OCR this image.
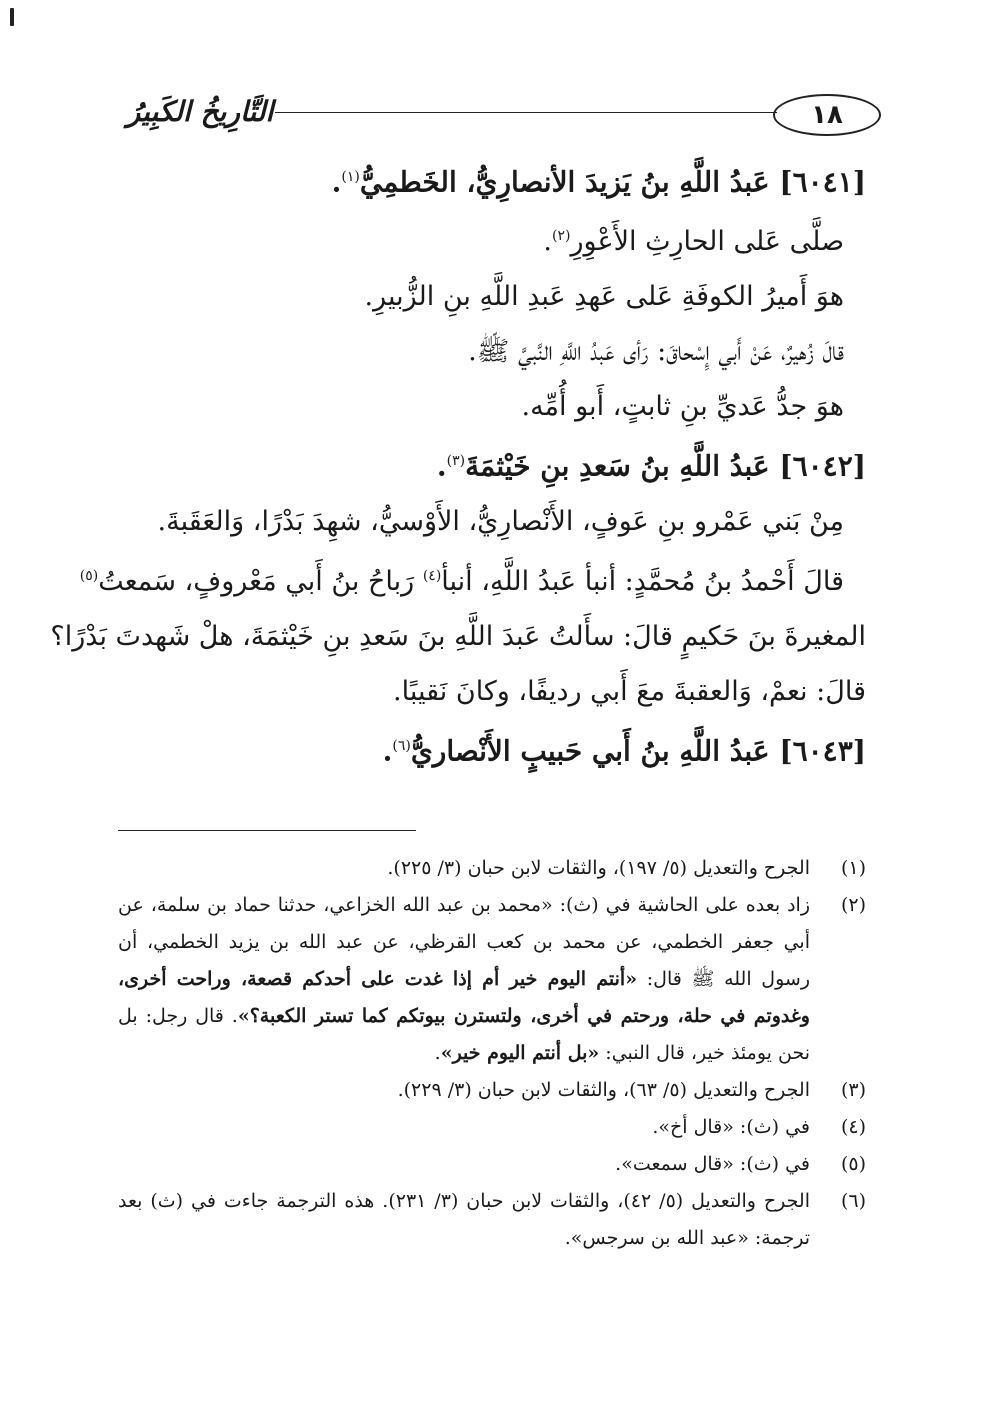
١٨
التَّارِيخُ الكَبِيرُ
[٦٠٤١] عَبدُ اللَّهِ بنُ يَزيدَ الأنصارِيُّ، الخَطمِيُّ$^{(١)}$.
صلَّى عَلى الحارِثِ الأَعْوِرِ$^{(٢)}$.
هوَ أَميرُ الكوفَةِ عَلى عَهدِ عَبدِ اللَّهِ بنِ الزُّبيرِ.
قالَ زُهيرٌ، عَنْ أَبي إِسْحاقَ: رَأى عَبدُ اللَّهِ النَّبيَّ ﷺ.
هوَ جدُّ عَديِّ بنِ ثابتٍ، أَبو أُمِّه.
[٦٠٤٢] عَبدُ اللَّهِ بنُ سَعدِ بنِ خَيْثمَةَ$^{(٣)}$.
مِنْ بَني عَمْرو بنِ عَوفٍ، الأَنْصارِيُّ، الأَوْسيُّ، شهِدَ بَدْرًا، وَالعَقَبةَ.
قالَ أَحْمدُ بنُ مُحمَّدٍ: أنبأ عَبدُ اللَّهِ، أنبأ$^{(٤)}$ رَباحُ بنُ أَبي مَعْروفٍ، سَمعتُ$^{(٥)}$
المغيرةَ بنَ حَكيمٍ قالَ: سأَلتُ عَبدَ اللَّهِ بنَ سَعدِ بنِ خَيْثمَةَ، هلْ شَهدتَ بَدْرًا؟
قالَ: نعمْ، وَالعقبةَ معَ أَبي رديفًا، وكانَ نَقيبًا.
[٦٠٤٣] عَبدُ اللَّهِ بنُ أَبي حَبيبٍ الأَنْصاريُّ$^{(٦)}$.
(١)
الجرح والتعديل (٥/ ١٩٧)، والثقات لابن حبان (٣/ ٢٢٥).
(٢)
زاد بعده على الحاشية في (ث): «محمد بن عبد الله الخزاعي، حدثنا حماد بن سلمة، عن أبي جعفر الخطمي، عن محمد بن كعب القرظي، عن عبد الله بن يزيد الخطمي، أن رسول الله ﷺ قال: «أنتم اليوم خير أم إذا غدت على أحدكم قصعة، وراحت أخرى، وغدوتم في حلة، ورحتم في أخرى، ولتسترن بيوتكم كما تستر الكعبة؟». قال رجل: بل نحن يومئذ خير، قال النبي: «بل أنتم اليوم خير».
(٣)
الجرح والتعديل (٥/ ٦٣)، والثقات لابن حبان (٣/ ٢٢٩).
(٤)
في (ث): «قال أخ».
(٥)
في (ث): «قال سمعت».
(٦)
الجرح والتعديل (٥/ ٤٢)، والثقات لابن حبان (٣/ ٢٣١). هذه الترجمة جاءت في (ث) بعد ترجمة: «عبد الله بن سرجس».
